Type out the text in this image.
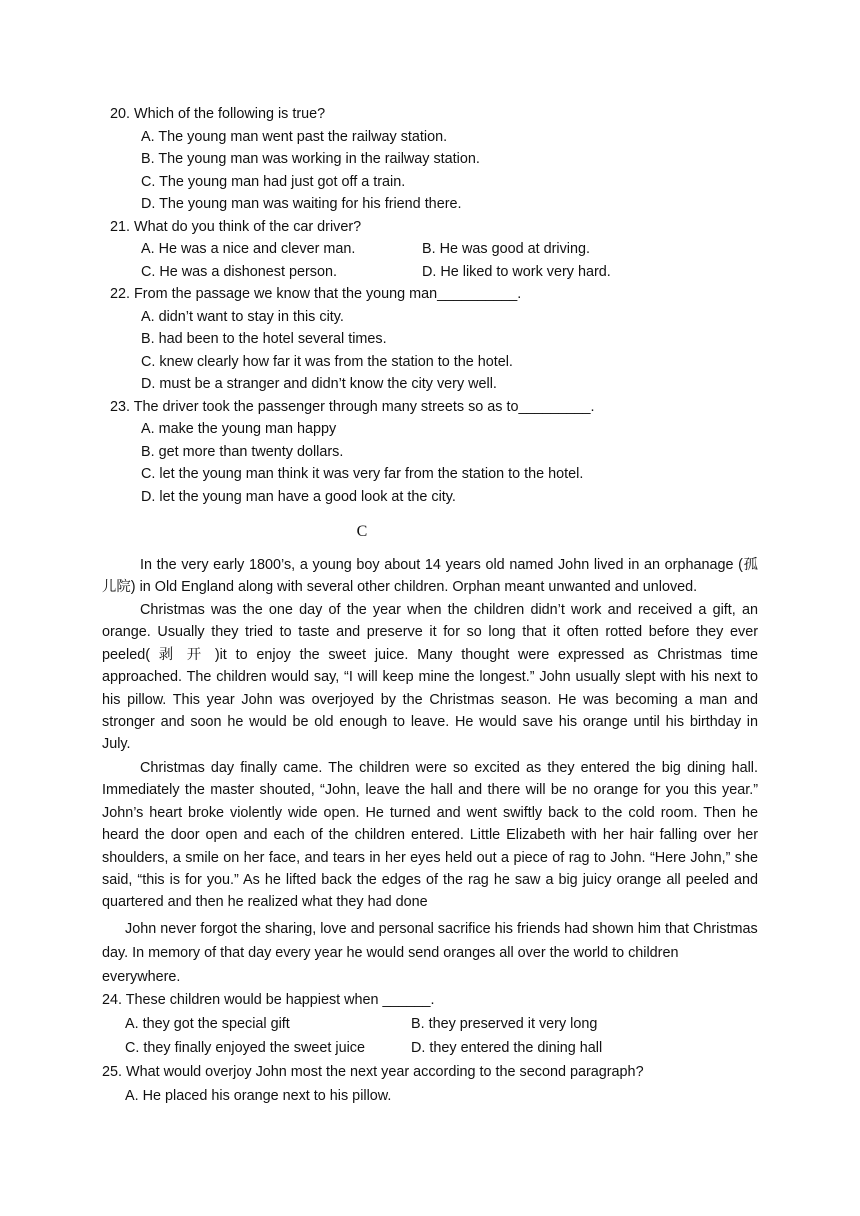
20. Which of the following is true?
A. The young man went past the railway station.
B. The young man was working in the railway station.
C. The young man had just got off a train.
D. The young man was waiting for his friend there.
21. What do you think of the car driver?
A. He was a nice and clever man.	B. He was good at driving.
C. He was a dishonest person.	D. He liked to work very hard.
22. From the passage we know that the young man__________.
A. didn’t want to stay in this city.
B. had been to the hotel several times.
C. knew clearly how far it was from the station to the hotel.
D. must be a stranger and didn’t know the city very well.
23. The driver took the passenger through many streets so as to_________.
A. make the young man happy
B. get more than twenty dollars.
C. let the young man think it was very far from the station to the hotel.
D. let the young man have a good look at the city.
C

In the very early 1800’s, a young boy about 14 years old named John lived in an orphanage (孤儿院) in Old England along with several other children. Orphan meant unwanted and unloved.

Christmas was the one day of the year when the children didn’t work and received a gift, an orange. Usually they tried to taste and preserve it for so long that it often rotted before they ever peeled( 剥 开 )it to enjoy the sweet juice. Many thought were expressed as Christmas time approached. The children would say, “I will keep mine the longest.” John usually slept with his next to his pillow. This year John was overjoyed by the Christmas season. He was becoming a man and stronger and soon he would be old enough to leave. He would save his orange until his birthday in July.

Christmas day finally came. The children were so excited as they entered the big dining hall. Immediately the master shouted, “John, leave the hall and there will be no orange for you this year.” John’s heart broke violently wide open. He turned and went swiftly back to the cold room. Then he heard the door open and each of the children entered. Little Elizabeth with her hair falling over her shoulders, a smile on her face, and tears in her eyes held out a piece of rag to John. “Here John,” she said, “this is for you.” As he lifted back the edges of the rag he saw a big juicy orange all peeled and quartered and then he realized what they had done

John never forgot the sharing, love and personal sacrifice his friends had shown him that Christmas day. In memory of that day every year he would send oranges all over the world to children everywhere.

24. These children would be happiest when ______.
A. they got the special gift	B. they preserved it very long
C. they finally enjoyed the sweet juice	D. they entered the dining hall
25. What would overjoy John most the next year according to the second paragraph?
A. He placed his orange next to his pillow.
